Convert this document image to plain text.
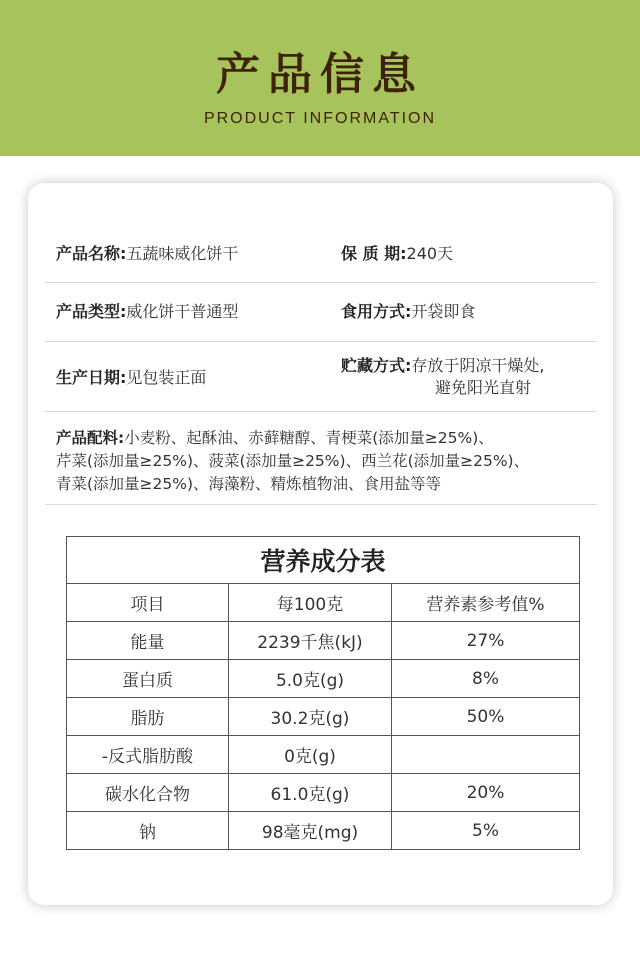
产品信息
PRODUCT INFORMATION
产品名称:五蔬味威化饼干	保 质 期:240天
产品类型:威化饼干普通型	食用方式:开袋即食
生产日期:见包装正面
贮藏方式:存放于阴凉干燥处,
避免阳光直射
产品配料:小麦粉、起酥油、赤藓糖醇、青梗菜(添加量≥25%)、
芹菜(添加量≥25%)、菠菜(添加量≥25%)、西兰花(添加量≥25%)、
青菜(添加量≥25%)、海藻粉、精炼植物油、食用盐等等
营养成分表		
项目	每100克	营养素参考值%
能量	2239千焦(kJ)	27%
蛋白质	5.0克(g)	8%
脂肪	30.2克(g)	50%
-反式脂肪酸	0克(g)	
碳水化合物	61.0克(g)	20%
钠	98毫克(mg)	5%
